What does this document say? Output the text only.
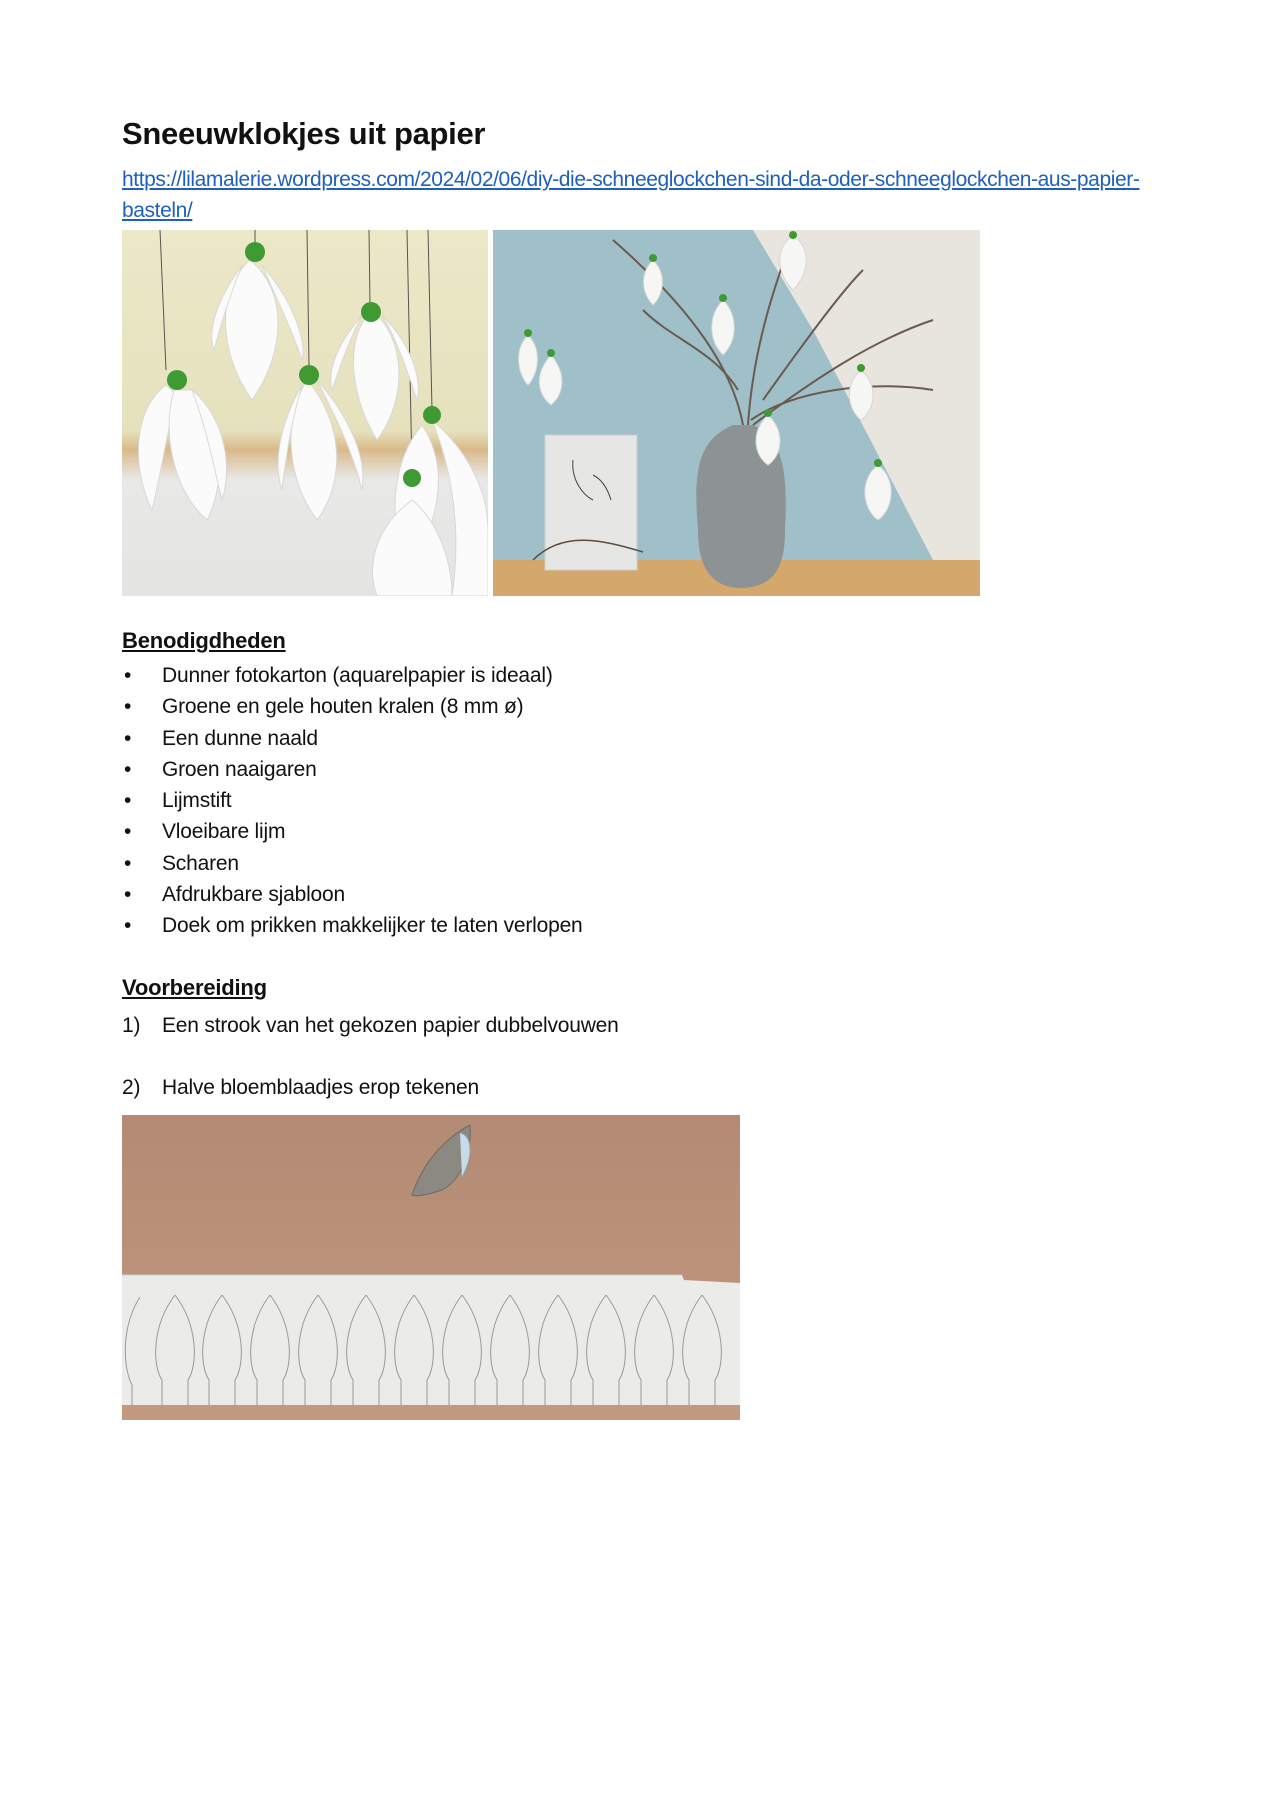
Sneeuwklokjes uit papier
https://lilamalerie.wordpress.com/2024/02/06/diy-die-schneeglockchen-sind-da-oder-schneeglockchen-aus-papier-basteln/
Benodigdheden
• Dunner fotokarton (aquarelpapier is ideaal)
• Groene en gele houten kralen (8 mm ø)
• Een dunne naald
• Groen naaigaren
• Lijmstift
• Vloeibare lijm
• Scharen
• Afdrukbare sjabloon
• Doek om prikken makkelijker te laten verlopen
Voorbereiding
1) Een strook van het gekozen papier dubbelvouwen
2) Halve bloemblaadjes erop tekenen
